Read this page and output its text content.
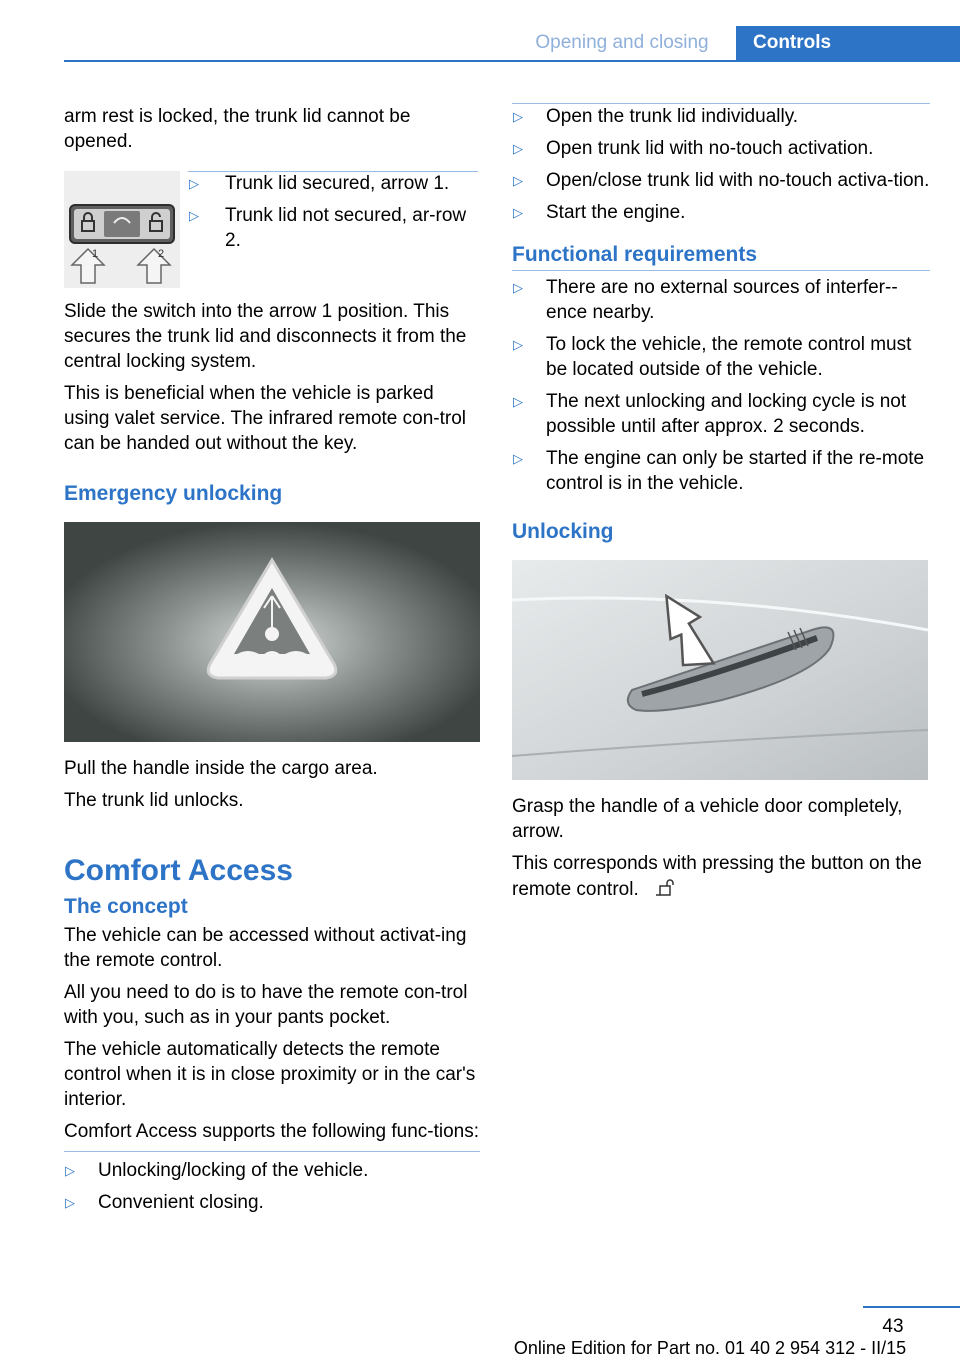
Opening and closing	Controls

arm rest is locked, the trunk lid cannot be opened.

1	2
▷ Trunk lid secured, arrow 1.
▷ Trunk lid not secured, ar-row 2.

Slide the switch into the arrow 1 position. This secures the trunk lid and disconnects it from the central locking system.

This is beneficial when the vehicle is parked using valet service. The infrared remote con-trol can be handed out without the key.

Emergency unlocking

Pull the handle inside the cargo area.

The trunk lid unlocks.

Comfort Access
The concept

The vehicle can be accessed without activat-ing the remote control.

All you need to do is to have the remote con-trol with you, such as in your pants pocket.

The vehicle automatically detects the remote control when it is in close proximity or in the car's interior.

Comfort Access supports the following func-tions:

▷ Unlocking/locking of the vehicle.
▷ Convenient closing.
▷ Open the trunk lid individually.
▷ Open trunk lid with no-touch activation.
▷ Open/close trunk lid with no-touch activa-tion.
▷ Start the engine.
Functional requirements
▷ There are no external sources of interfer-ence nearby.
▷ To lock the vehicle, the remote control must be located outside of the vehicle.
▷ The next unlocking and locking cycle is not possible until after approx. 2 seconds.
▷ The engine can only be started if the re-mote control is in the vehicle.
Unlocking

Grasp the handle of a vehicle door completely, arrow.

This corresponds with pressing the button on the remote control.

43
Online Edition for Part no. 01 40 2 954 312 - II/15
